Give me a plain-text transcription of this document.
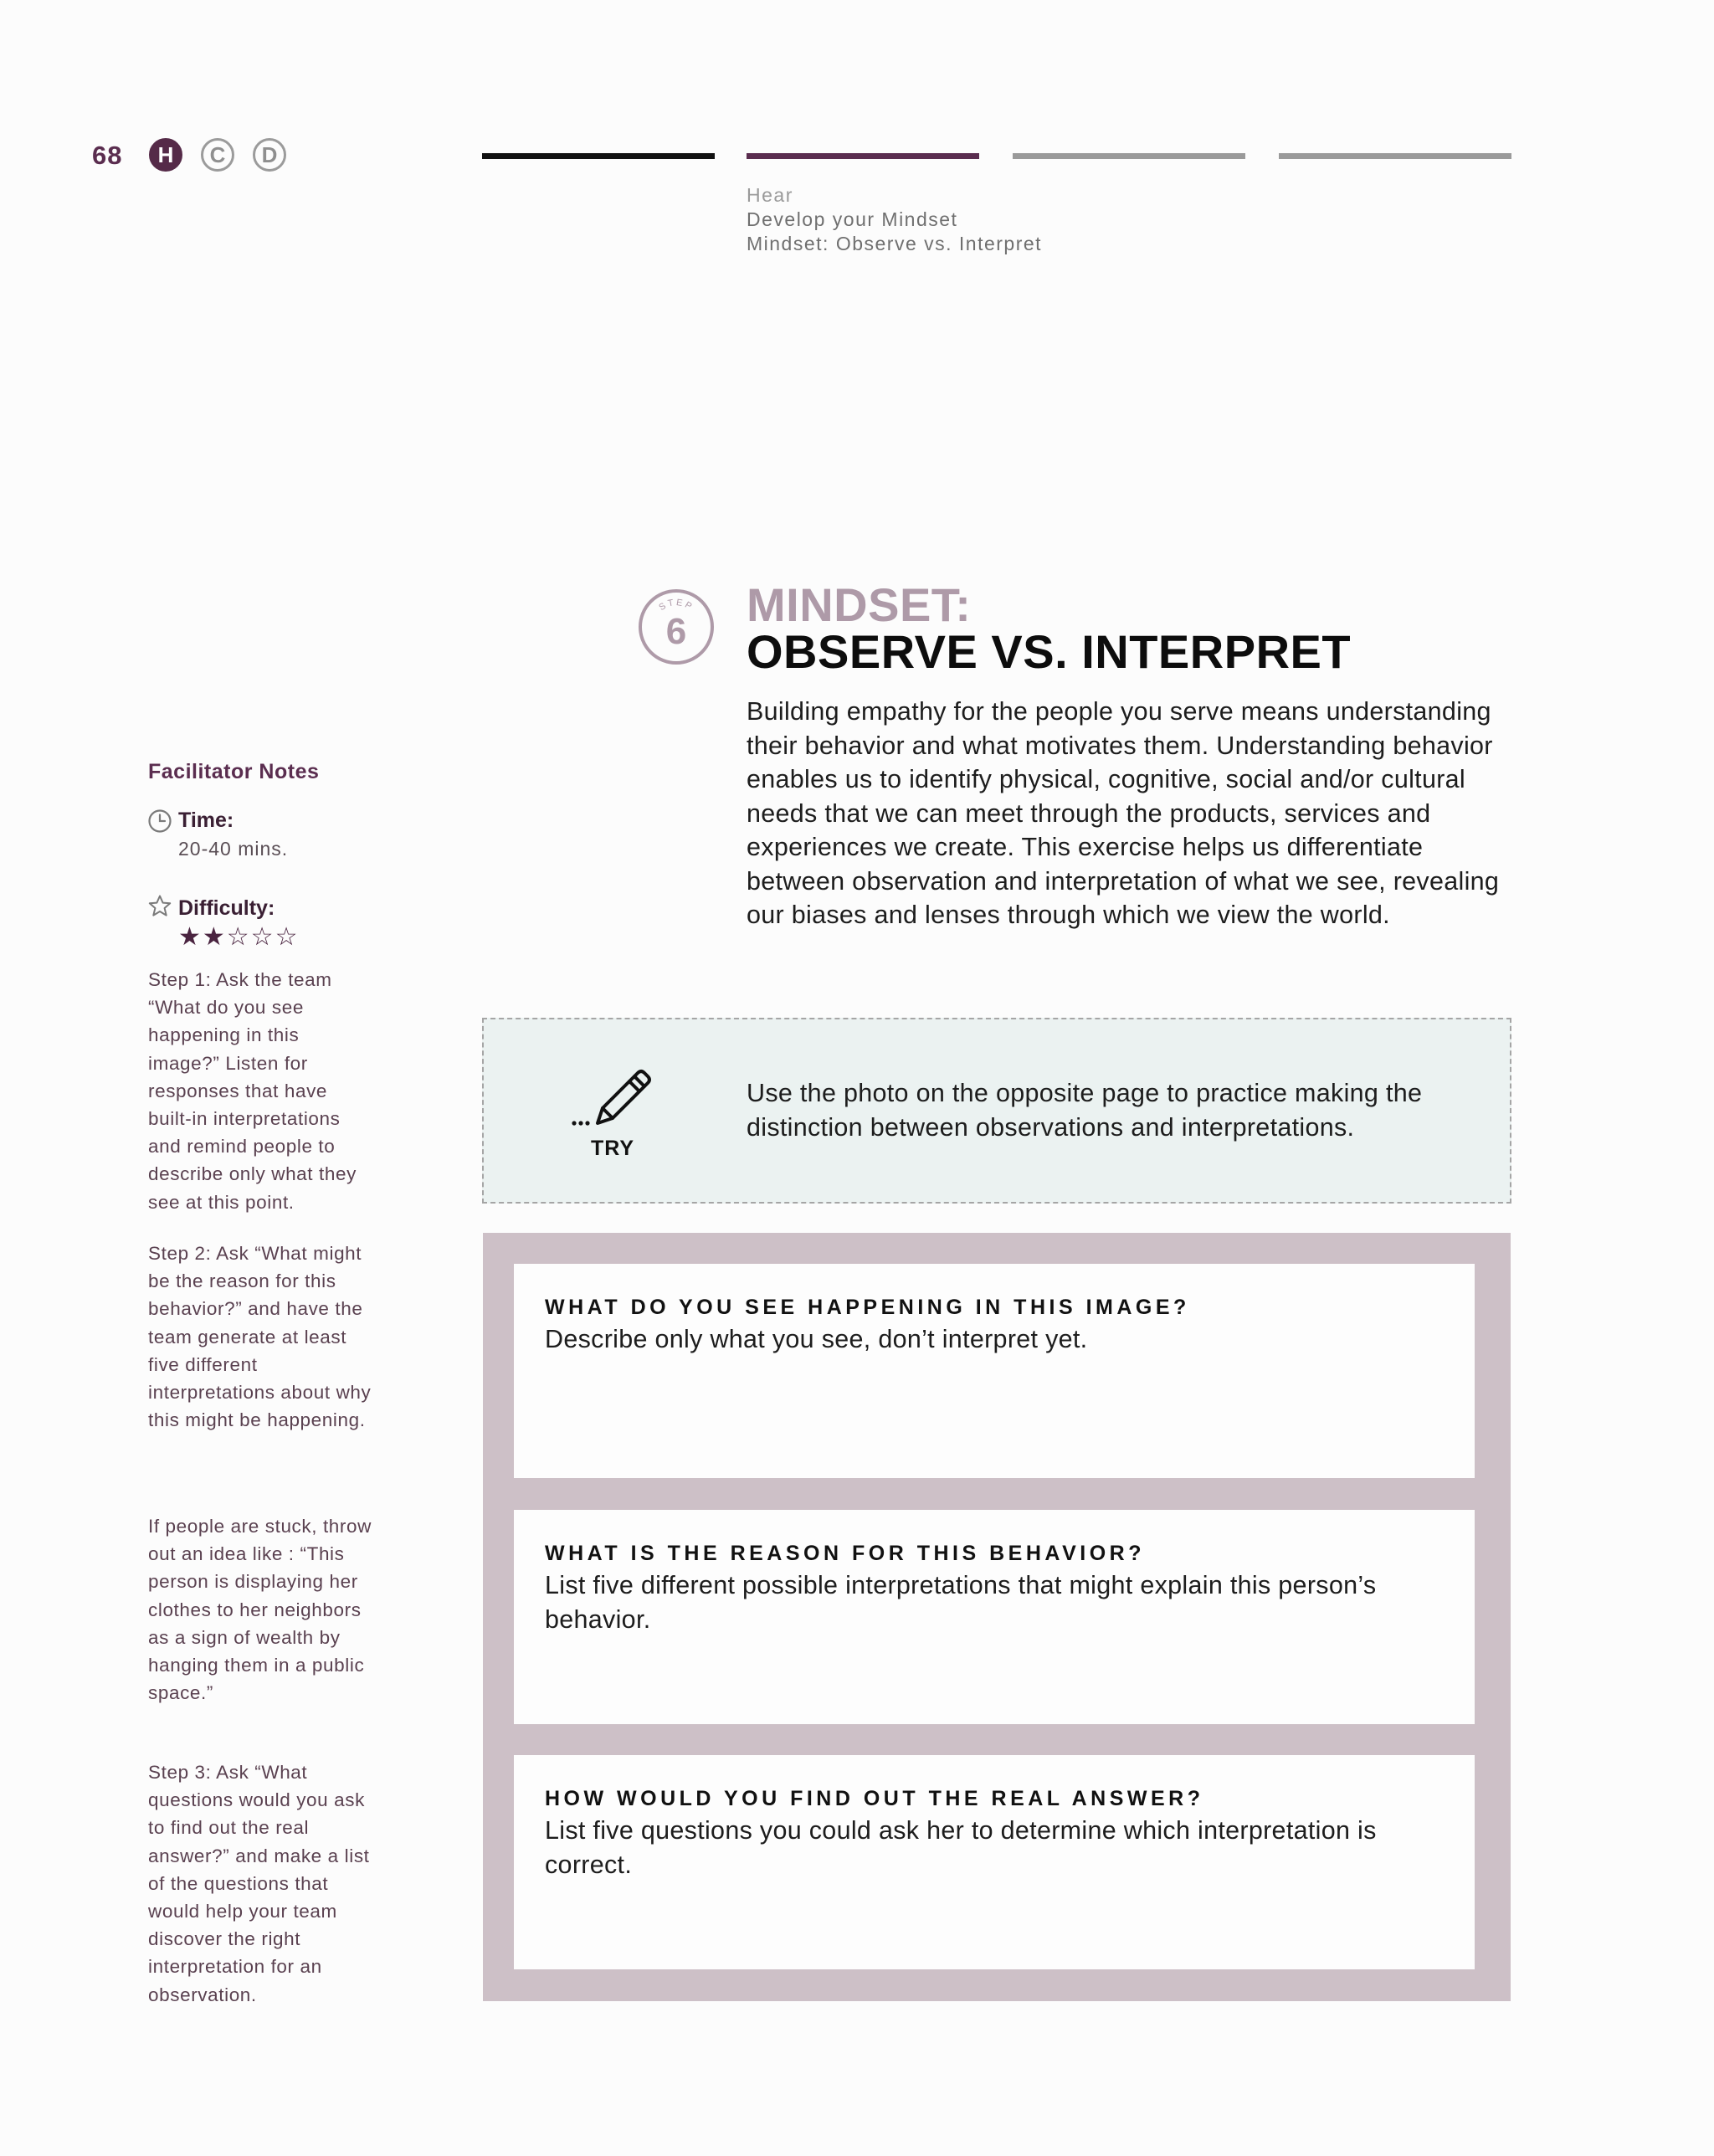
68	H	C	D
Hear
Develop your Mindset
Mindset: Observe vs. Interpret
STEP
6
MINDSET:
OBSERVE VS. INTERPRET
Building empathy for the people you serve means understanding their behavior and what motivates them. Understanding behavior enables us to identify physical, cognitive, social and/or cultural needs that we can meet through the products, services and experiences we create. This exercise helps us differentiate between observation and interpretation of what we see, revealing our biases and lenses through which we view the world.
Facilitator Notes
Time:
20-40 mins.
Difficulty:
★★☆☆☆
Step 1: Ask the team “What do you see happening in this image?” Listen for responses that have built-in interpretations and remind people to describe only what they see at this point.
Step 2: Ask “What might be the reason for this behavior?” and have the team generate at least five different interpretations about why this might be happening.
If people are stuck, throw out an idea like : “This person is displaying her clothes to her neighbors as a sign of wealth by hanging them in a public space.”
Step 3: Ask “What questions would you ask to find out the real answer?” and make a list of the questions that would help your team discover the right interpretation for an observation.
TRY
Use the photo on the opposite page to practice making the distinction between observations and interpretations.
WHAT DO YOU SEE HAPPENING IN THIS IMAGE?
Describe only what you see, don’t interpret yet.
WHAT IS THE REASON FOR THIS BEHAVIOR?
List five different possible interpretations that might explain this person’s behavior.
HOW WOULD YOU FIND OUT THE REAL ANSWER?
List five questions you could ask her to determine which interpretation is correct.
